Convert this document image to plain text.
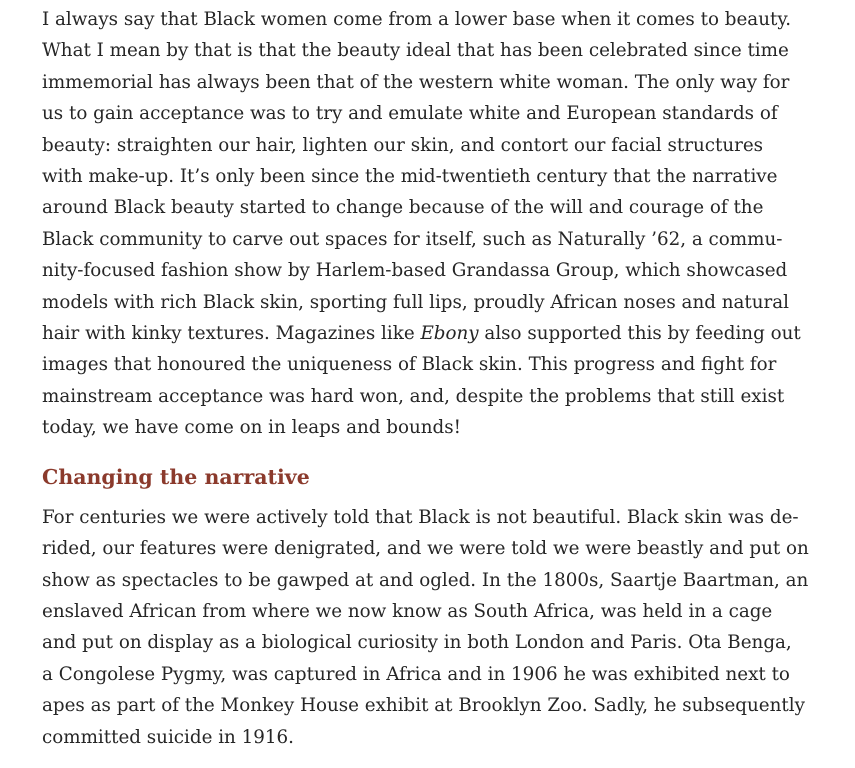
I always say that Black women come from a lower base when it comes to beauty.
What I mean by that is that the beauty ideal that has been celebrated since time
immemorial has always been that of the western white woman. The only way for
us to gain acceptance was to try and emulate white and European standards of
beauty: straighten our hair, lighten our skin, and contort our facial structures
with make-up. It’s only been since the mid-twentieth century that the narrative
around Black beauty started to change because of the will and courage of the
Black community to carve out spaces for itself, such as Naturally ’62, a commu-
nity-focused fashion show by Harlem-based Grandassa Group, which showcased
models with rich Black skin, sporting full lips, proudly African noses and natural
hair with kinky textures. Magazines like Ebony also supported this by feeding out
images that honoured the uniqueness of Black skin. This progress and fight for
mainstream acceptance was hard won, and, despite the problems that still exist
today, we have come on in leaps and bounds!

Changing the narrative

For centuries we were actively told that Black is not beautiful. Black skin was de-
rided, our features were denigrated, and we were told we were beastly and put on
show as spectacles to be gawped at and ogled. In the 1800s, Saartje Baartman, an
enslaved African from where we now know as South Africa, was held in a cage
and put on display as a biological curiosity in both London and Paris. Ota Benga,
a Congolese Pygmy, was captured in Africa and in 1906 he was exhibited next to
apes as part of the Monkey House exhibit at Brooklyn Zoo. Sadly, he subsequently
committed suicide in 1916.
